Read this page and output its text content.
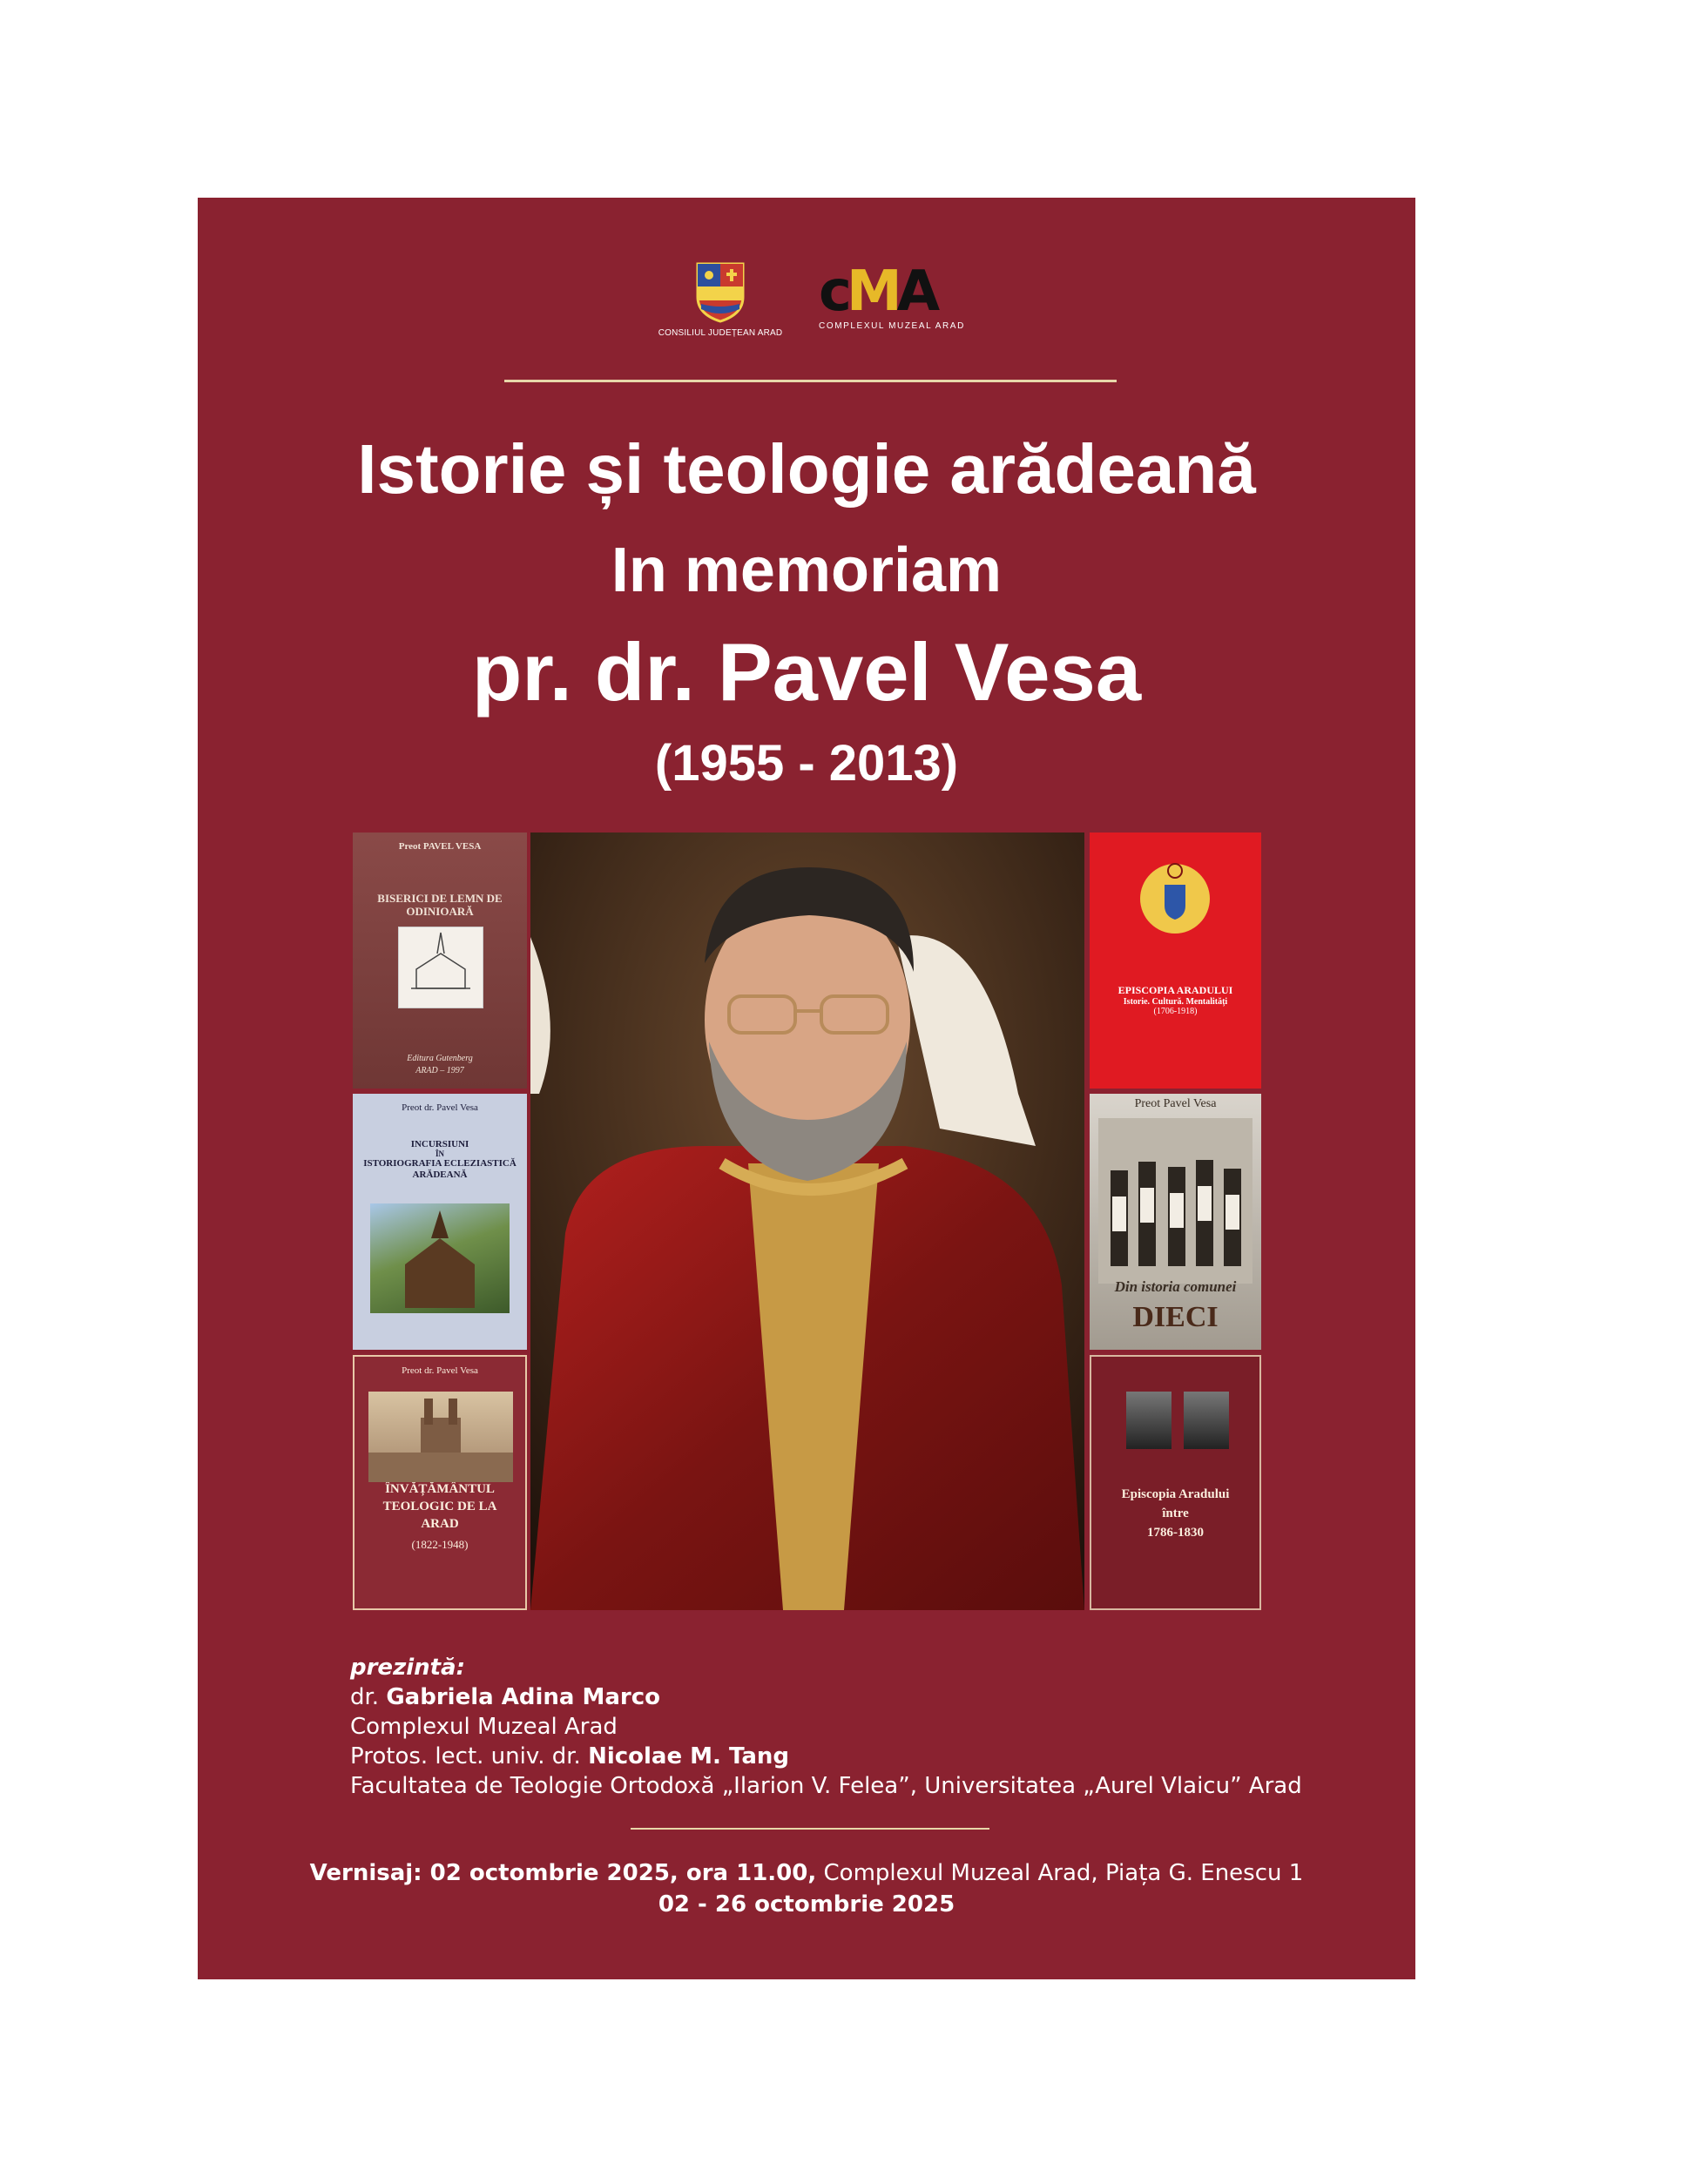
CONSILIUL JUDEȚEAN ARAD
cMA
COMPLEXUL MUZEAL ARAD
Istorie și teologie arădeană
In memoriam
pr. dr. Pavel Vesa
(1955 - 2013)
Preot PAVEL VESA
BISERICI DE LEMN DE ODINIOARĂ
Editura Gutenberg
ARAD – 1997
Preot dr. Pavel Vesa
INCURSIUNI
ÎN
ISTORIOGRAFIA ECLEZIASTICĂ ARĂDEANĂ
Preot dr. Pavel Vesa
ÎNVĂȚĂMÂNTUL TEOLOGIC DE LA ARAD
(1822-1948)
EPISCOPIA ARADULUI
Istorie. Cultură. Mentalități
(1706-1918)
Preot Pavel Vesa
Din istoria comunei
DIECI
Episcopia Aradului
între
1786-1830
prezintă:
dr. Gabriela Adina Marco
Complexul Muzeal Arad
Protos. lect. univ. dr. Nicolae M. Tang
Facultatea de Teologie Ortodoxă „Ilarion V. Felea”, Universitatea „Aurel Vlaicu” Arad
Vernisaj: 02 octombrie 2025, ora 11.00, Complexul Muzeal Arad, Piața G. Enescu 1
02 - 26 octombrie 2025
